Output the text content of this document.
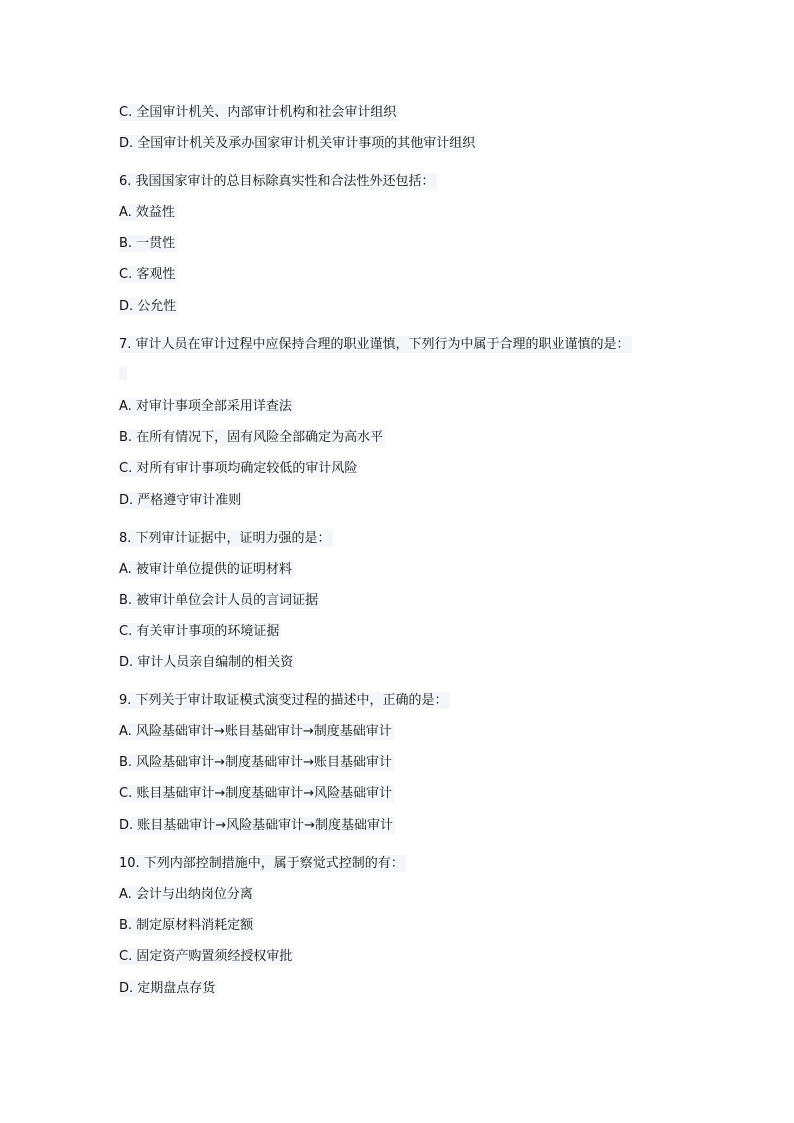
C. 全国审计机关、内部审计机构和社会审计组织
D. 全国审计机关及承办国家审计机关审计事项的其他审计组织
6. 我国国家审计的总目标除真实性和合法性外还包括：
A. 效益性
B. 一贯性
C. 客观性
D. 公允性
7. 审计人员在审计过程中应保持合理的职业谨慎，下列行为中属于合理的职业谨慎的是：
A. 对审计事项全部采用详查法
B. 在所有情况下，固有风险全部确定为高水平
C. 对所有审计事项均确定较低的审计风险
D. 严格遵守审计准则
8. 下列审计证据中，证明力强的是：
A. 被审计单位提供的证明材料
B. 被审计单位会计人员的言词证据
C. 有关审计事项的环境证据
D. 审计人员亲自编制的相关资
9. 下列关于审计取证模式演变过程的描述中，正确的是：
A. 风险基础审计→账目基础审计→制度基础审计
B. 风险基础审计→制度基础审计→账目基础审计
C. 账目基础审计→制度基础审计→风险基础审计
D. 账目基础审计→风险基础审计→制度基础审计
10. 下列内部控制措施中，属于察觉式控制的有：
A. 会计与出纳岗位分离
B. 制定原材料消耗定额
C. 固定资产购置须经授权审批
D. 定期盘点存货
